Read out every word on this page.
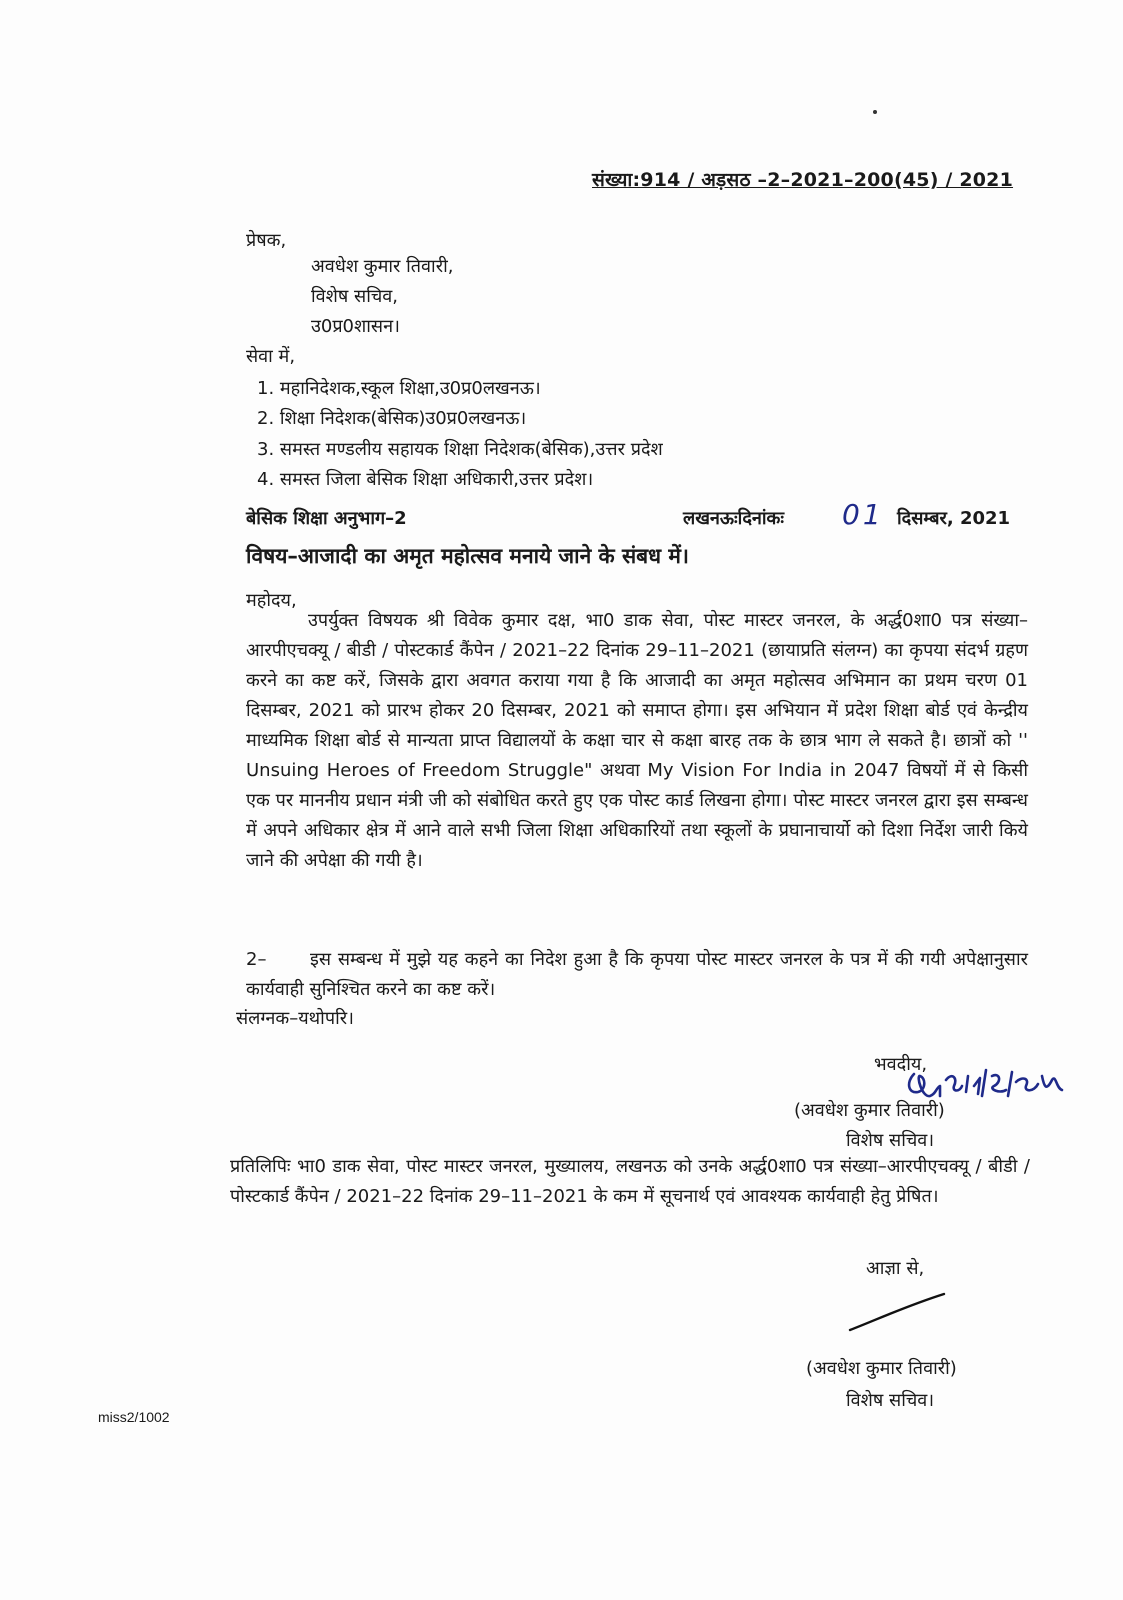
संख्या:914 / अड़सठ –2–2021–200(45) / 2021
प्रेषक,
अवधेश कुमार तिवारी,
विशेष सचिव,
उ0प्र0शासन।
सेवा में,
1. महानिदेशक,स्कूल शिक्षा,उ0प्र0लखनऊ।
2. शिक्षा निदेशक(बेसिक)उ0प्र0लखनऊ।
3. समस्त मण्डलीय सहायक शिक्षा निदेशक(बेसिक),उत्तर प्रदेश
4. समस्त जिला बेसिक शिक्षा अधिकारी,उत्तर प्रदेश।
बेसिक शिक्षा अनुभाग–2	लखनऊःदिनांकः 01 दिसम्बर, 2021
विषय–आजादी का अमृत महोत्सव मनाये जाने के संबध में।
महोदय,
उपर्युक्त विषयक श्री विवेक कुमार दक्ष, भा0 डाक सेवा, पोस्ट मास्टर जनरल, के अर्द्ध0शा0 पत्र संख्या–आरपीएचक्यू / बीडी / पोस्टकार्ड कैंपेन / 2021–22 दिनांक 29–11–2021 (छायाप्रति संलग्न) का कृपया संदर्भ ग्रहण करने का कष्ट करें, जिसके द्वारा अवगत कराया गया है कि आजादी का अमृत महोत्सव अभिमान का प्रथम चरण 01 दिसम्बर, 2021 को प्रारभ होकर 20 दिसम्बर, 2021 को समाप्त होगा। इस अभियान में प्रदेश शिक्षा बोर्ड एवं केन्द्रीय माध्यमिक शिक्षा बोर्ड से मान्यता प्राप्त विद्यालयों के कक्षा चार से कक्षा बारह तक के छात्र भाग ले सकते है। छात्रों को '' Unsuing Heroes of Freedom Struggle" अथवा My Vision For India in 2047 विषयों में से किसी एक पर माननीय प्रधान मंत्री जी को संबोधित करते हुए एक पोस्ट कार्ड लिखना होगा। पोस्ट मास्टर जनरल द्वारा इस सम्बन्ध में अपने अधिकार क्षेत्र में आने वाले सभी जिला शिक्षा अधिकारियों तथा स्कूलों के प्रघानाचार्यो को दिशा निर्देश जारी किये जाने की अपेक्षा की गयी है।
2– इस सम्बन्ध में मुझे यह कहने का निदेश हुआ है कि कृपया पोस्ट मास्टर जनरल के पत्र में की गयी अपेक्षानुसार कार्यवाही सुनिश्चित करने का कष्ट करें।
संलग्नक–यथोपरि।
भवदीय,
(अवधेश कुमार तिवारी)
विशेष सचिव।
प्रतिलिपिः भा0 डाक सेवा, पोस्ट मास्टर जनरल, मुख्यालय, लखनऊ को उनके अर्द्ध0शा0 पत्र संख्या–आरपीएचक्यू / बीडी / पोस्टकार्ड कैंपेन / 2021–22 दिनांक 29–11–2021 के कम में सूचनार्थ एवं आवश्यक कार्यवाही हेतु प्रेषित।
आज्ञा से,
(अवधेश कुमार तिवारी)
विशेष सचिव।
miss2/1002
